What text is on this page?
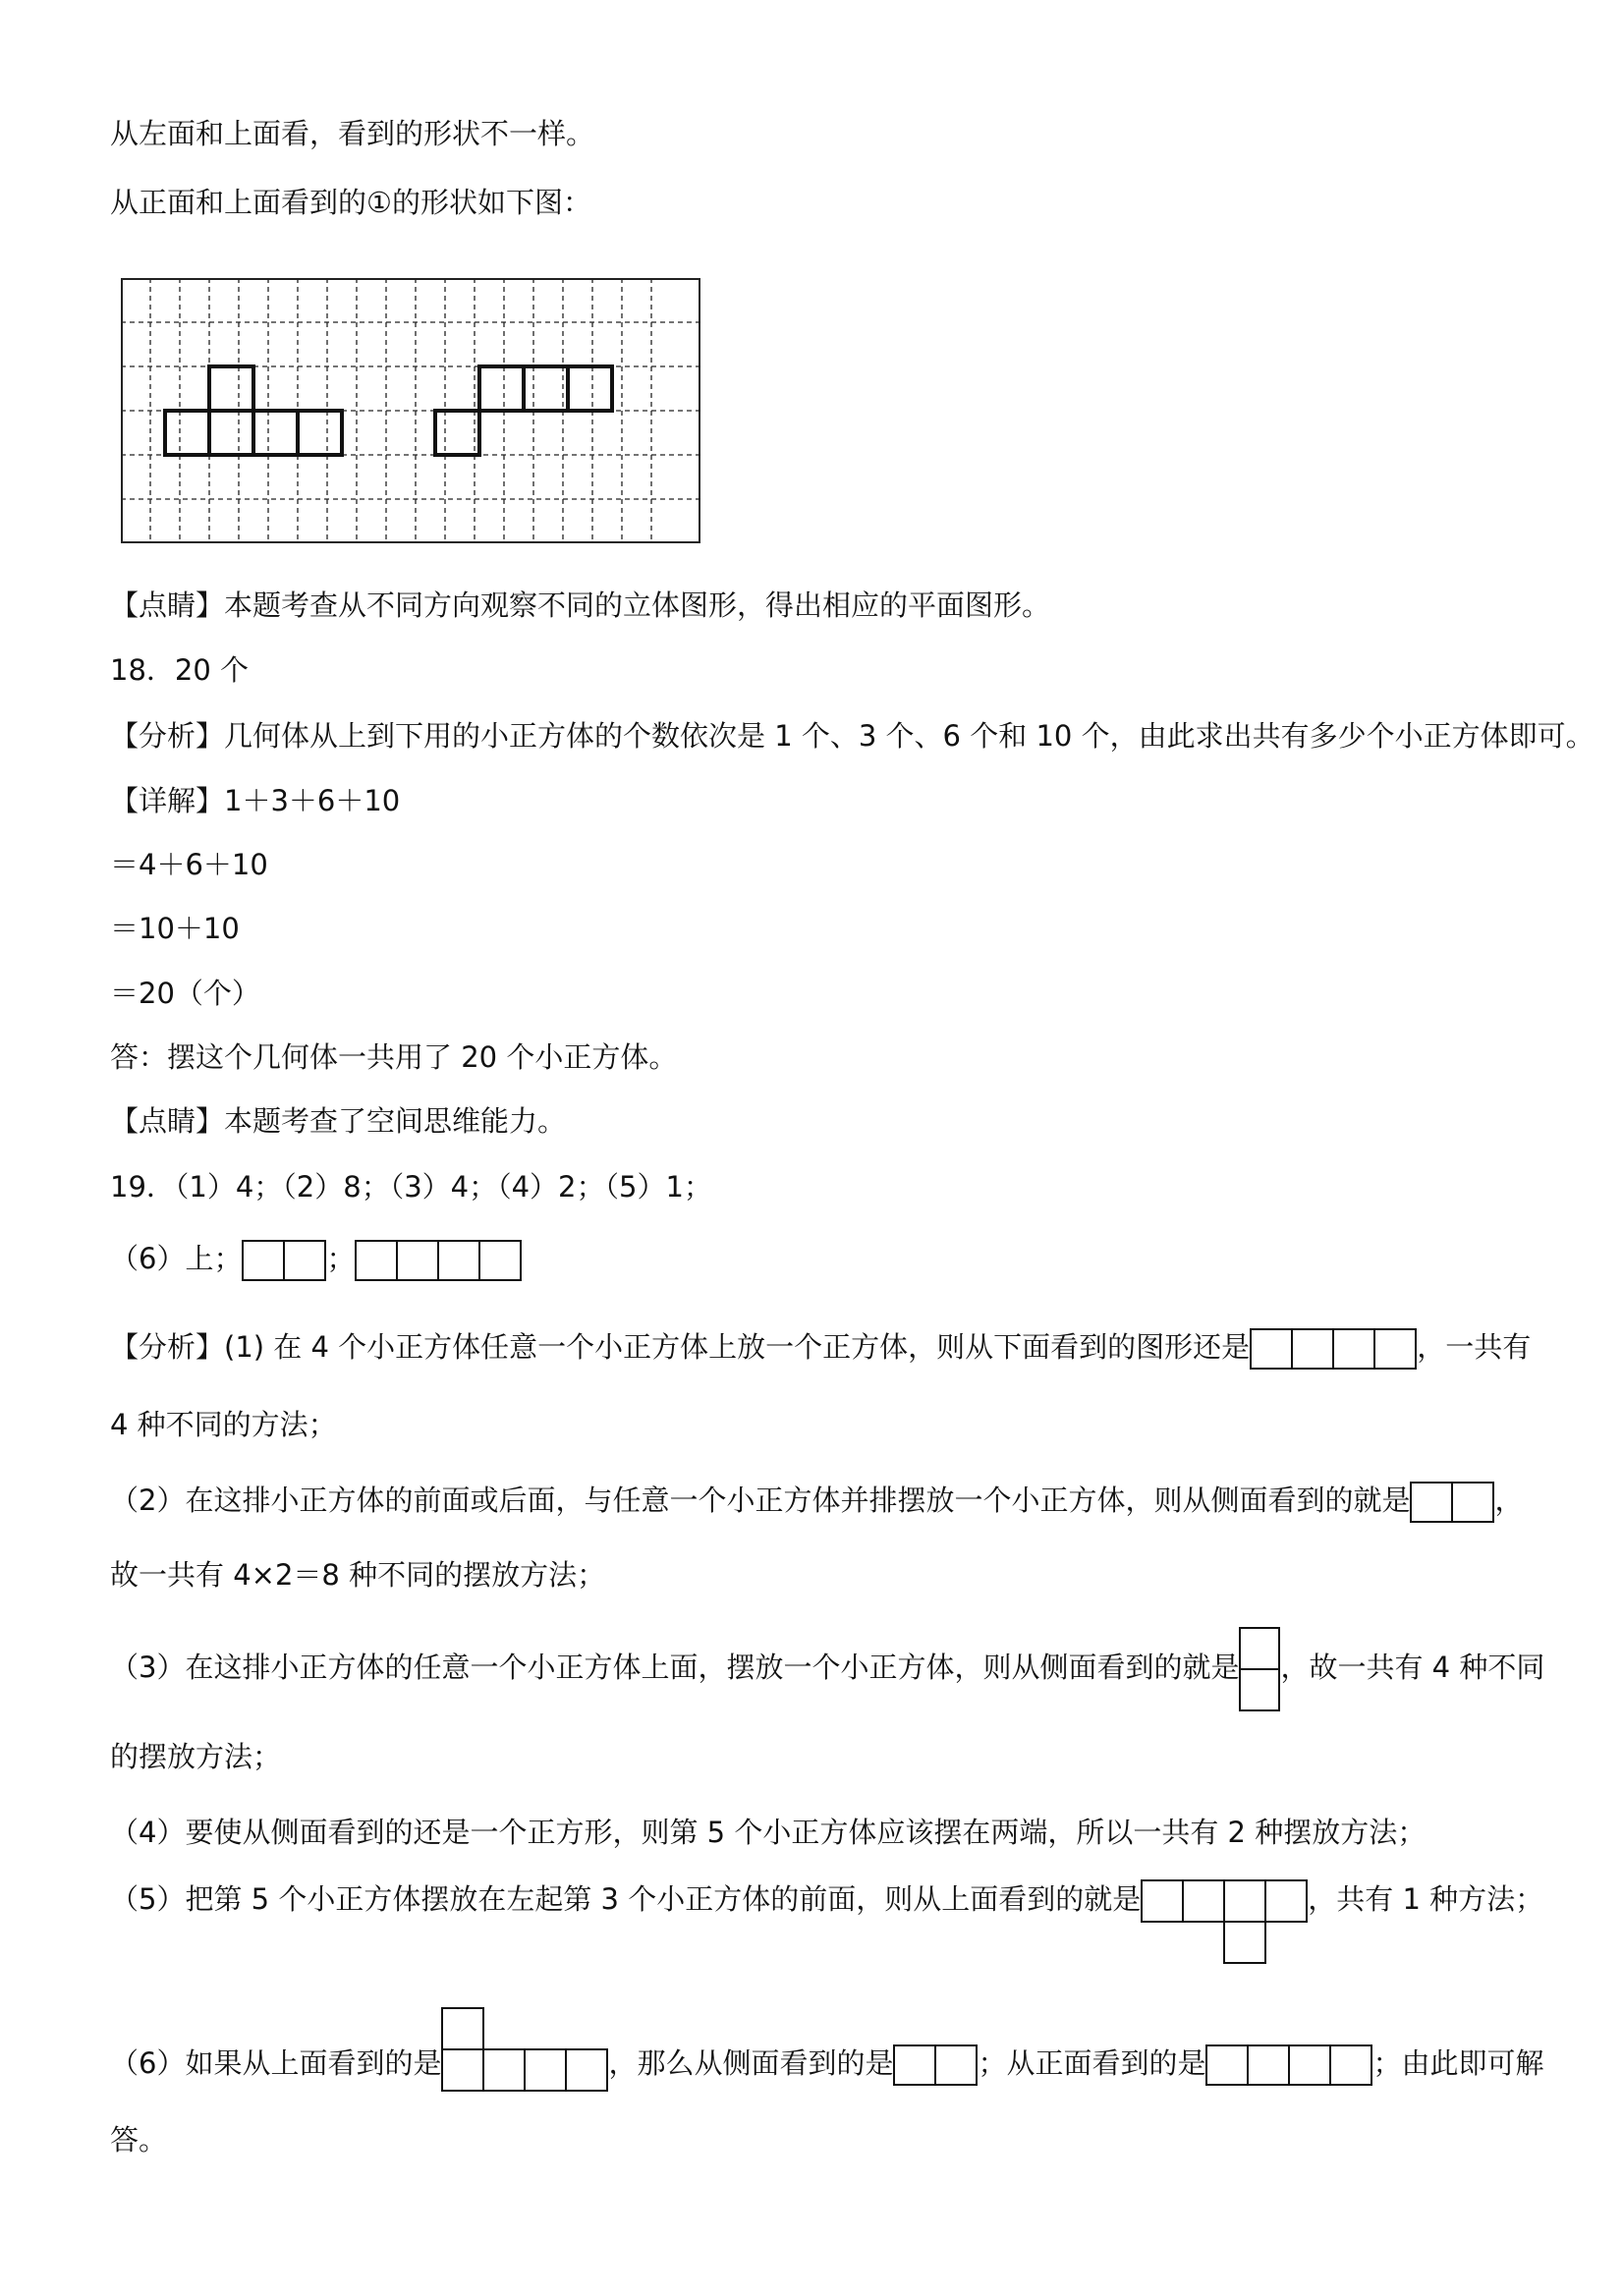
从左面和上面看，看到的形状不一样。
从正面和上面看到的①的形状如下图：
【点睛】本题考查从不同方向观察不同的立体图形，得出相应的平面图形。
18．20 个
【分析】几何体从上到下用的小正方体的个数依次是 1 个、3 个、6 个和 10 个，由此求出共有多少个小正方体即可。
【详解】1＋3＋6＋10
＝4＋6＋10
＝10＋10
＝20（个）
答：摆这个几何体一共用了 20 个小正方体。
【点睛】本题考查了空间思维能力。
19．（1）4；（2）8；（3）4；（4）2；（5）1；
（6）上；	；
【分析】(1) 在 4 个小正方体任意一个小正方体上放一个正方体，则从下面看到的图形还是	，一共有
4 种不同的方法；
（2）在这排小正方体的前面或后面，与任意一个小正方体并排摆放一个小正方体，则从侧面看到的就是	，
故一共有 4×2＝8 种不同的摆放方法；
（3）在这排小正方体的任意一个小正方体上面，摆放一个小正方体，则从侧面看到的就是 ，故一共有 4 种不同
的摆放方法；
（4）要使从侧面看到的还是一个正方形，则第 5 个小正方体应该摆在两端，所以一共有 2 种摆放方法；
（5）把第 5 个小正方体摆放在左起第 3 个小正方体的前面，则从上面看到的就是	，共有 1 种方法；
（6）如果从上面看到的是	，那么从侧面看到的是	；从正面看到的是	；由此即可解
答。
